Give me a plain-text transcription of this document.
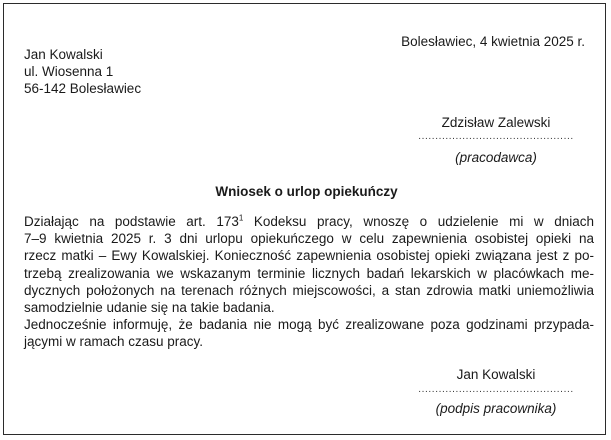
Bolesławiec, 4 kwietnia 2025 r.
Jan Kowalski
ul. Wiosenna 1
56-142 Bolesławiec
Zdzisław Zalewski
..............................................
(pracodawca)
Wniosek o urlop opiekuńczy
Działając na podstawie art. 173$^1$ Kodeksu pracy, wnoszę o udzielenie mi w dniach
7–9 kwietnia 2025 r. 3 dni urlopu opiekuńczego w celu zapewnienia osobistej opieki na
rzecz matki – Ewy Kowalskiej. Konieczność zapewnienia osobistej opieki związana jest z po-
trzebą zrealizowania we wskazanym terminie licznych badań lekarskich w placówkach me-
dycznych położonych na terenach różnych miejscowości, a stan zdrowia matki uniemożliwia
samodzielnie udanie się na takie badania.
Jednocześnie informuję, że badania nie mogą być zrealizowane poza godzinami przypada-
jącymi w ramach czasu pracy.
Jan Kowalski
..............................................
(podpis pracownika)
